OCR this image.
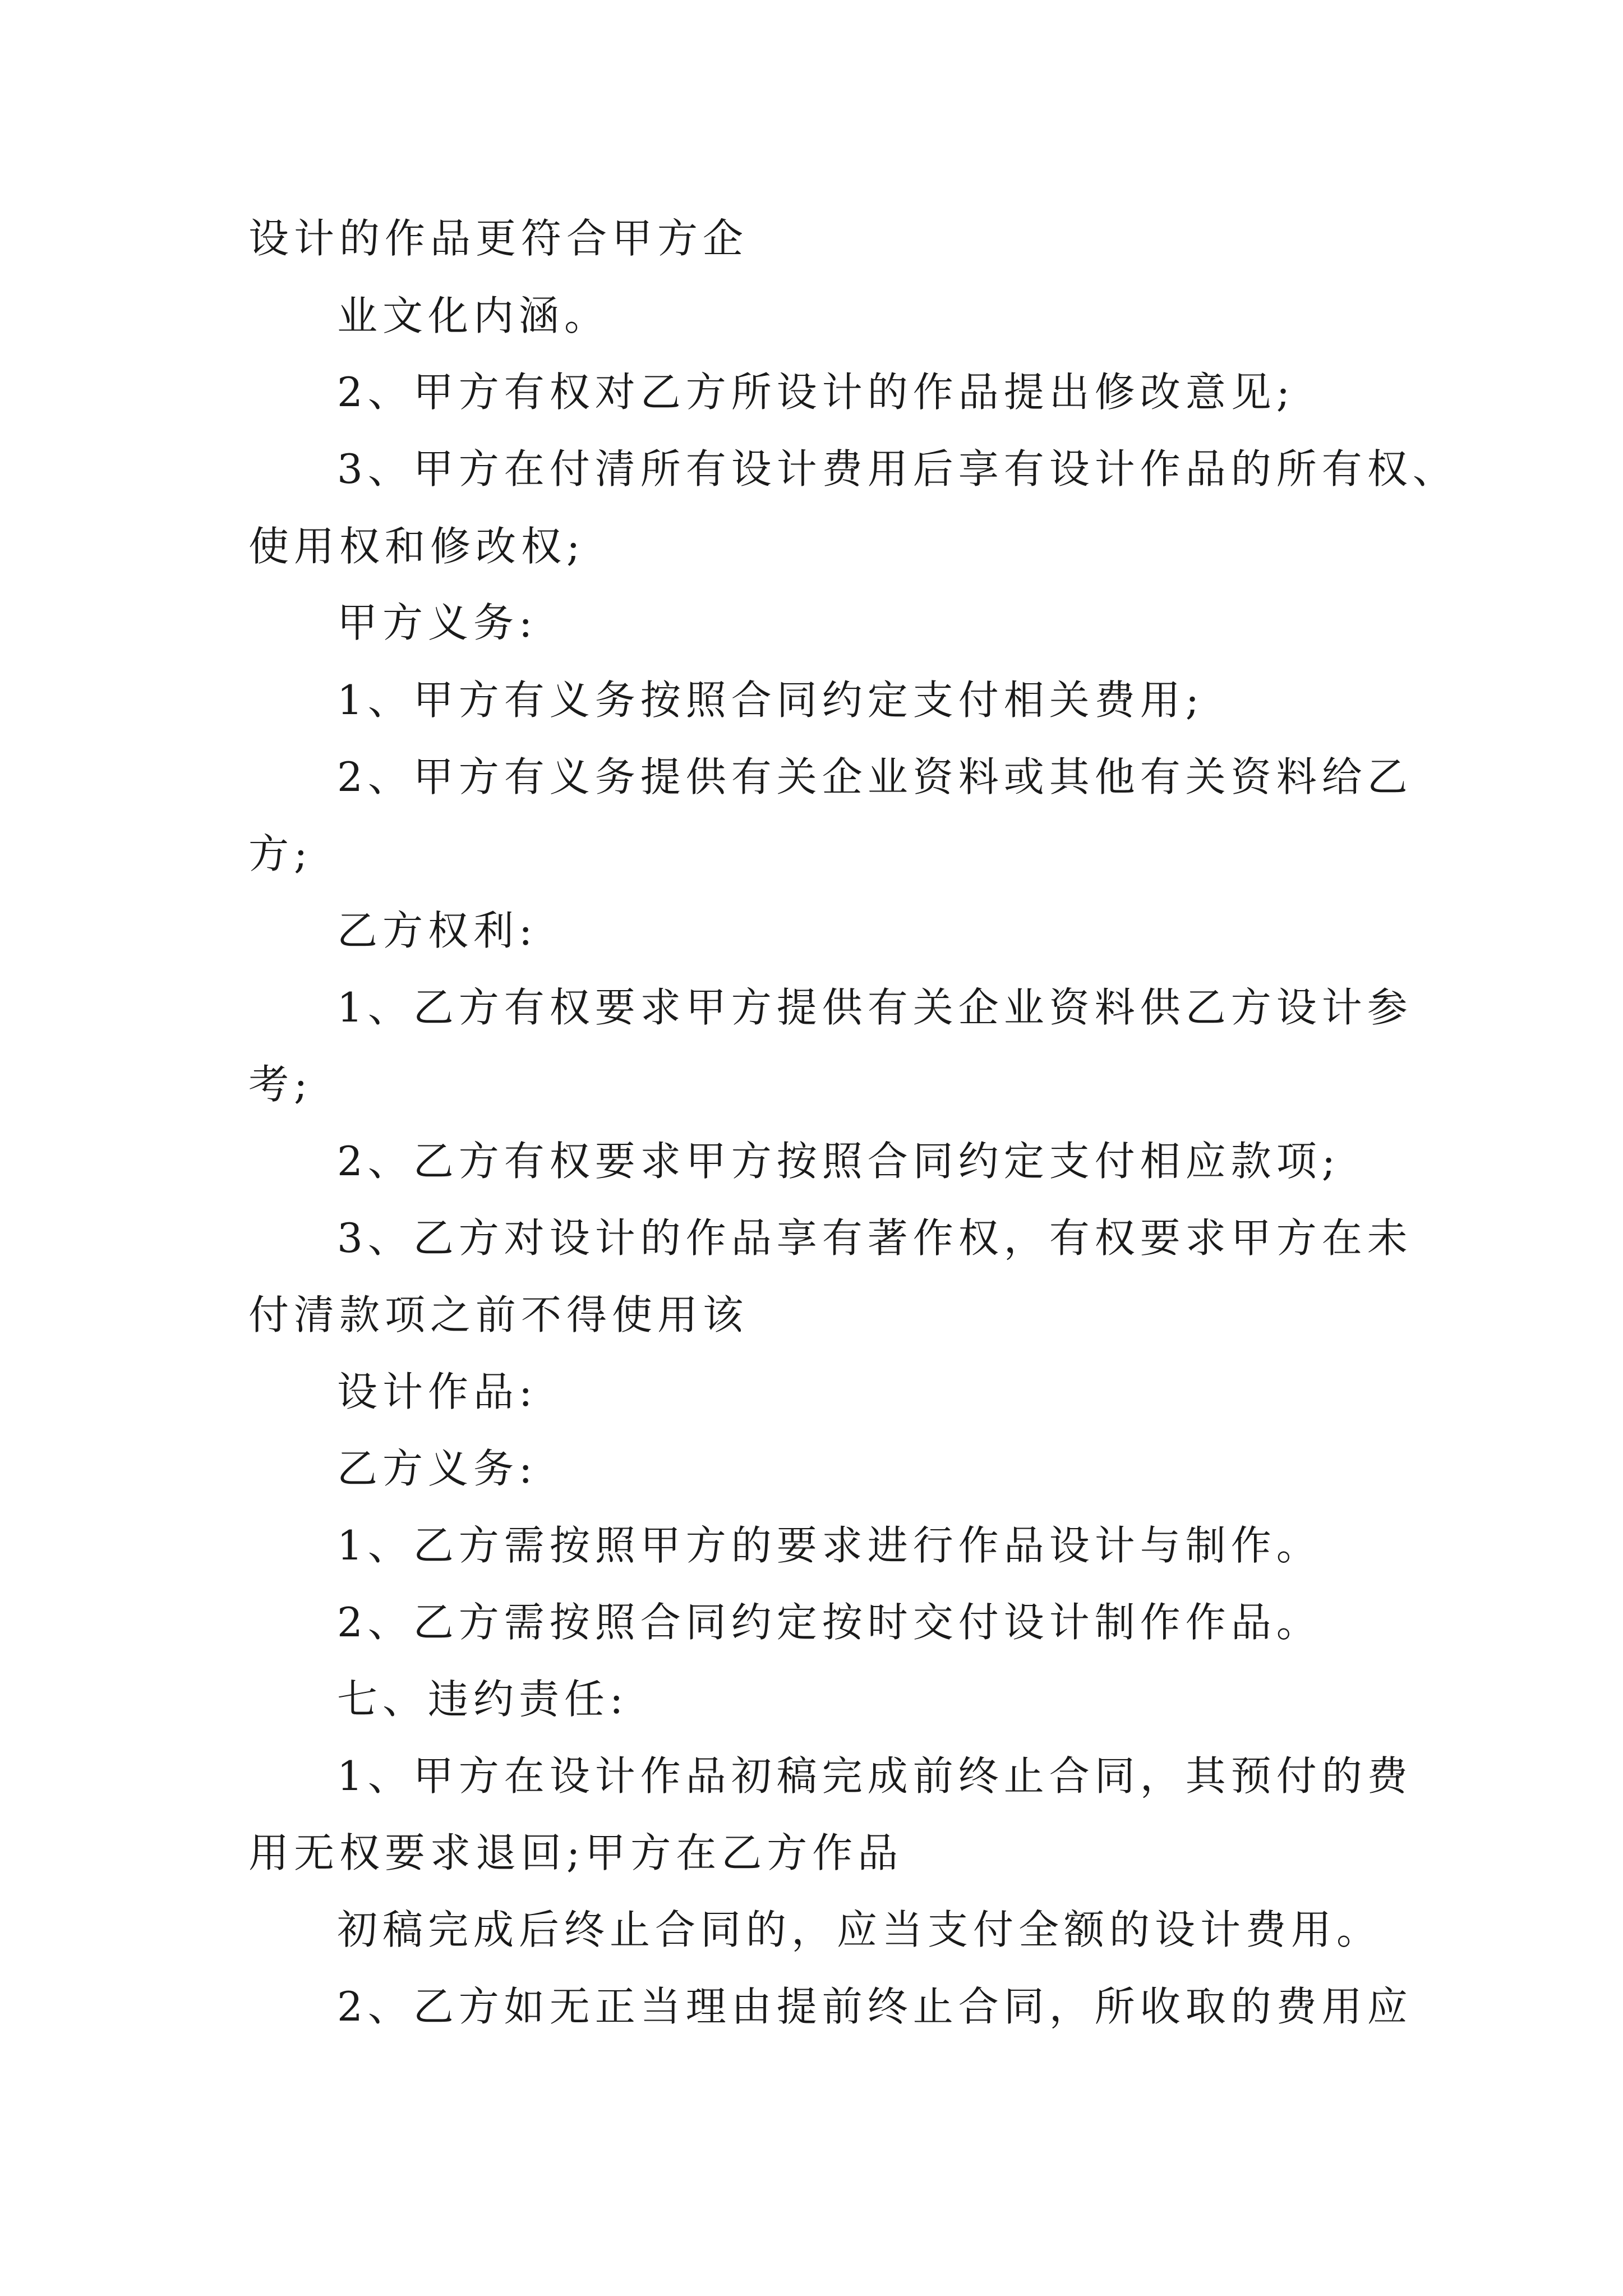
设计的作品更符合甲方企
业文化内涵。
2、甲方有权对乙方所设计的作品提出修改意见;
3、甲方在付清所有设计费用后享有设计作品的所有权、
使用权和修改权;
甲方义务:
1、甲方有义务按照合同约定支付相关费用;
2、甲方有义务提供有关企业资料或其他有关资料给乙
方;
乙方权利:
1、乙方有权要求甲方提供有关企业资料供乙方设计参
考;
2、乙方有权要求甲方按照合同约定支付相应款项;
3、乙方对设计的作品享有著作权，有权要求甲方在未
付清款项之前不得使用该
设计作品:
乙方义务:
1、乙方需按照甲方的要求进行作品设计与制作。
2、乙方需按照合同约定按时交付设计制作作品。
七、违约责任:
1、甲方在设计作品初稿完成前终止合同，其预付的费
用无权要求退回;甲方在乙方作品
初稿完成后终止合同的，应当支付全额的设计费用。
2、乙方如无正当理由提前终止合同，所收取的费用应
